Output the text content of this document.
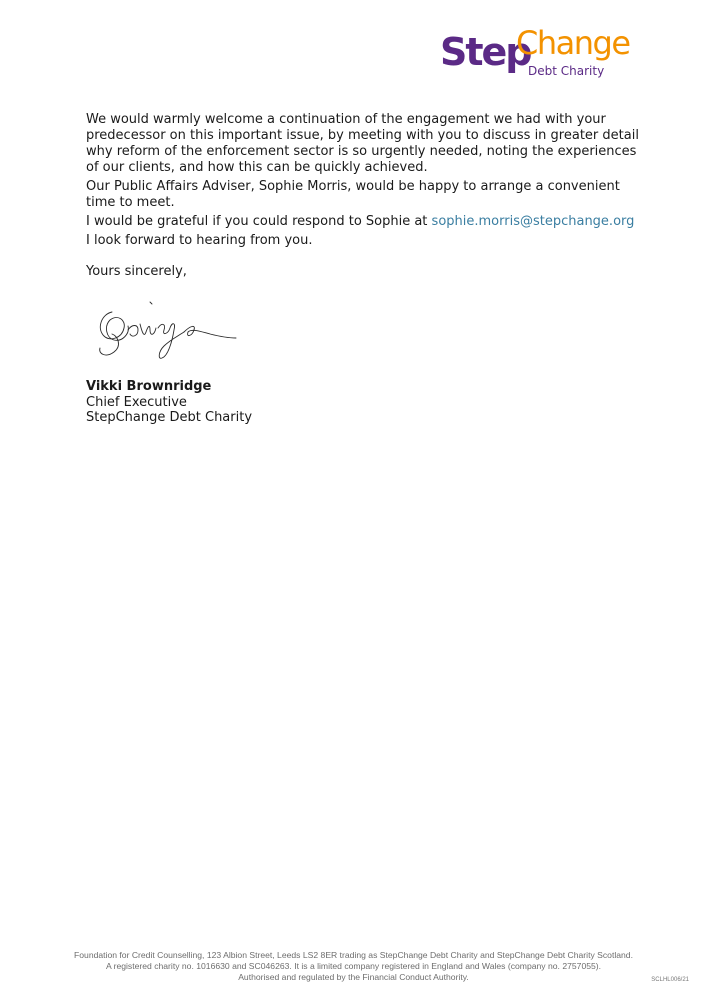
Step
Change
Debt Charity

We would warmly welcome a continuation of the engagement we had with your predecessor on this important issue, by meeting with you to discuss in greater detail why reform of the enforcement sector is so urgently needed, noting the experiences of our clients, and how this can be quickly achieved.

Our Public Affairs Adviser, Sophie Morris, would be happy to arrange a convenient time to meet.

I would be grateful if you could respond to Sophie at sophie.morris@stepchange.org

I look forward to hearing from you.

Yours sincerely,

Vikki Brownridge
Chief Executive
StepChange Debt Charity
Foundation for Credit Counselling, 123 Albion Street, Leeds LS2 8ER trading as StepChange Debt Charity and StepChange Debt Charity Scotland.
A registered charity no. 1016630 and SC046263. It is a limited company registered in England and Wales (company no. 2757055).
Authorised and regulated by the Financial Conduct Authority.	SCLHL006/21
